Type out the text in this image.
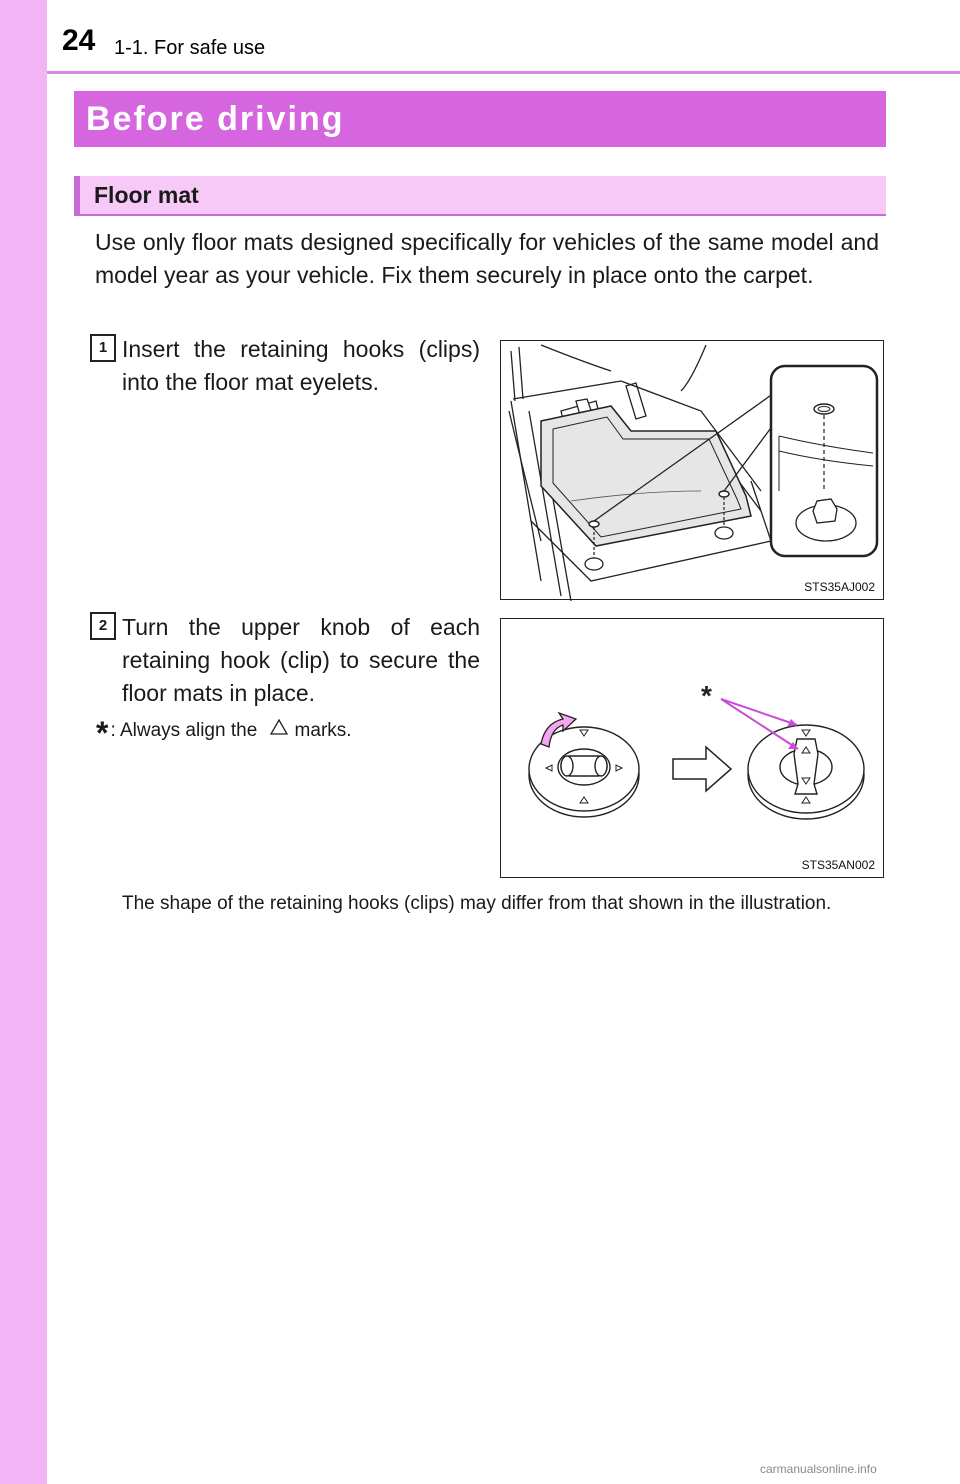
24 1-1. For safe use
Before driving
Floor mat

Use only floor mats designed specifically for vehicles of the same model and model year as your vehicle. Fix them securely in place onto the carpet.

1 Insert the retaining hooks (clips) into the floor mat eyelets.

STS35AJ002
2 Turn the upper knob of each retaining hook (clip) to secure the floor mats in place.	*
STS35AN002
* : Always align the marks.

The shape of the retaining hooks (clips) may differ from that shown in the illustration.

carmanualsonline.info
